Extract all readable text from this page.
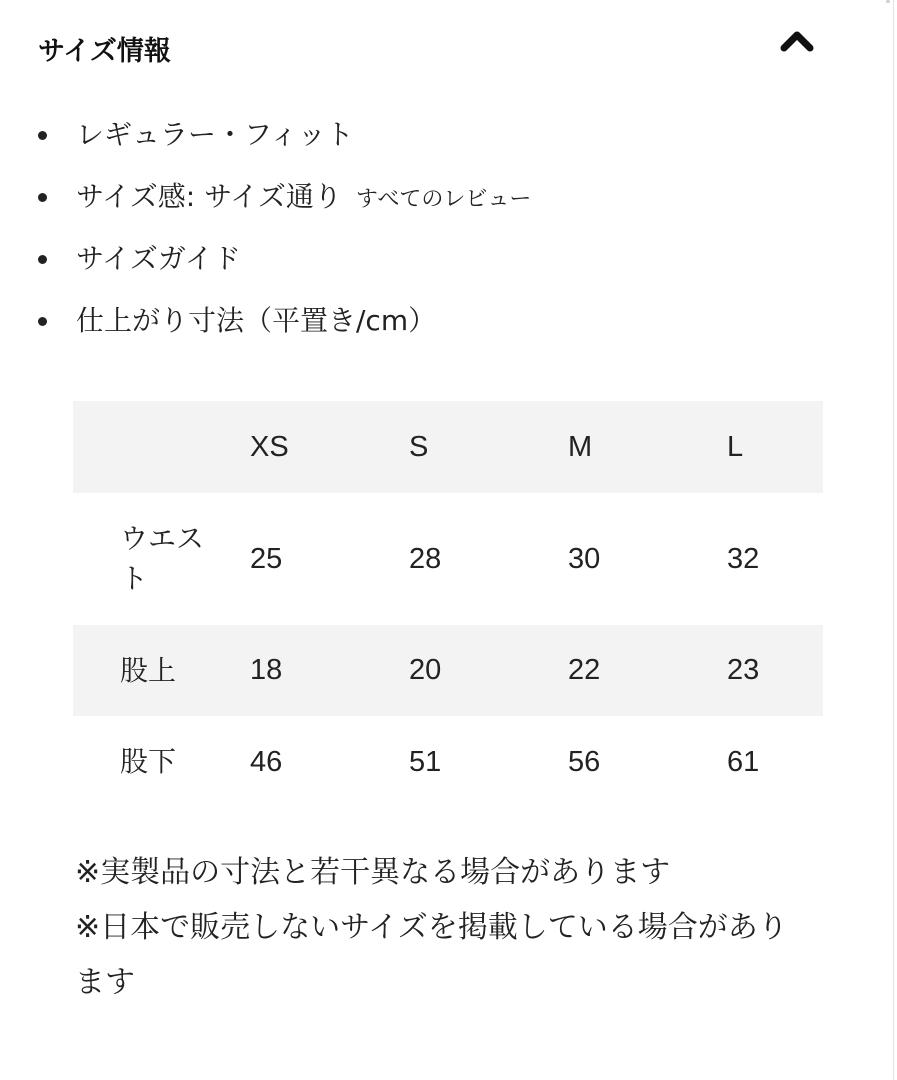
サイズ情報
レギュラー・フィット
サイズ感: サイズ通り すべてのレビュー
サイズガイド
仕上がり寸法（平置き/cm）
	XS	S	M	L

ウエスト	25	28	30	32
股上	18	20	22	23
股下	46	51	56	61

※実製品の寸法と若干異なる場合があります

※日本で販売しないサイズを掲載している場合があります
